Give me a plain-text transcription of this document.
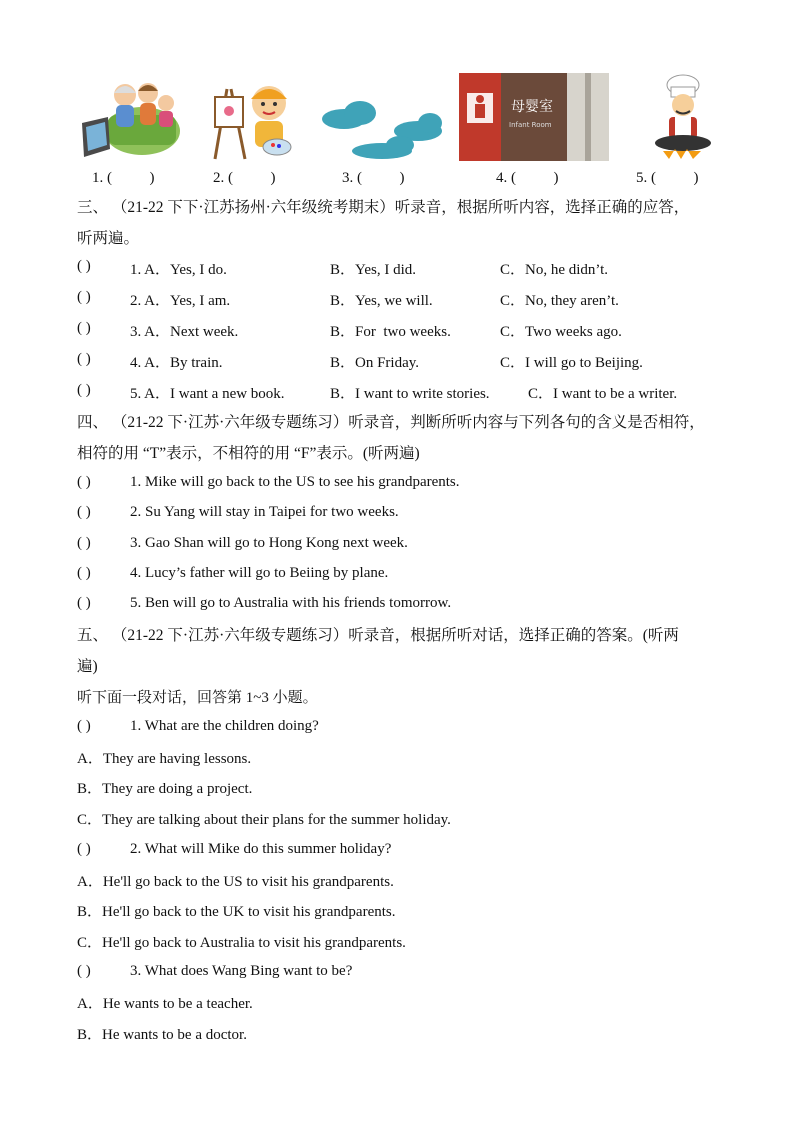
母婴室
Infant Room
1. (          )	2. (          )	3. (          )	4. (          )	5. (          )
三、 （21-22 下下·江苏扬州·六年级统考期末）听录音，根据所听内容，选择正确的应答，
听两遍。
( )	1. A．Yes, I do.	B．Yes, I did.	C．No, he didn’t.
( )	2. A．Yes, I am.	B．Yes, we will.	C．No, they aren’t.
( )	3. A．Next week.	B．For  two weeks.	C．Two weeks ago.
( )	4. A．By train.	B．On Friday.	C．I will go to Beijing.
( )	5. A．I want a new book.	B．I want to write stories.	C．I want to be a writer.
四、 （21-22 下·江苏·六年级专题练习）听录音，判断所听内容与下列各句的含义是否相符，
相符的用 “T”表示，不相符的用 “F”表示。(听两遍)
( )	1. Mike will go back to the US to see his grandparents.
( )	2. Su Yang will stay in Taipei for two weeks.
( )	3. Gao Shan will go to Hong Kong next week.
( )	4. Lucy’s father will go to Beiing by plane.
( )	5. Ben will go to Australia with his friends tomorrow.
五、 （21-22 下·江苏·六年级专题练习）听录音，根据所听对话，选择正确的答案。(听两
遍)
听下面一段对话，回答第 1~3 小题。
( )	1. What are the children doing?
A．They are having lessons.
B．They are doing a project.
C．They are talking about their plans for the summer holiday.
( )	2. What will Mike do this summer holiday?
A．He'll go back to the US to visit his grandparents.
B．He'll go back to the UK to visit his grandparents.
C．He'll go back to Australia to visit his grandparents.
( )	3. What does Wang Bing want to be?
A．He wants to be a teacher.
B．He wants to be a doctor.
